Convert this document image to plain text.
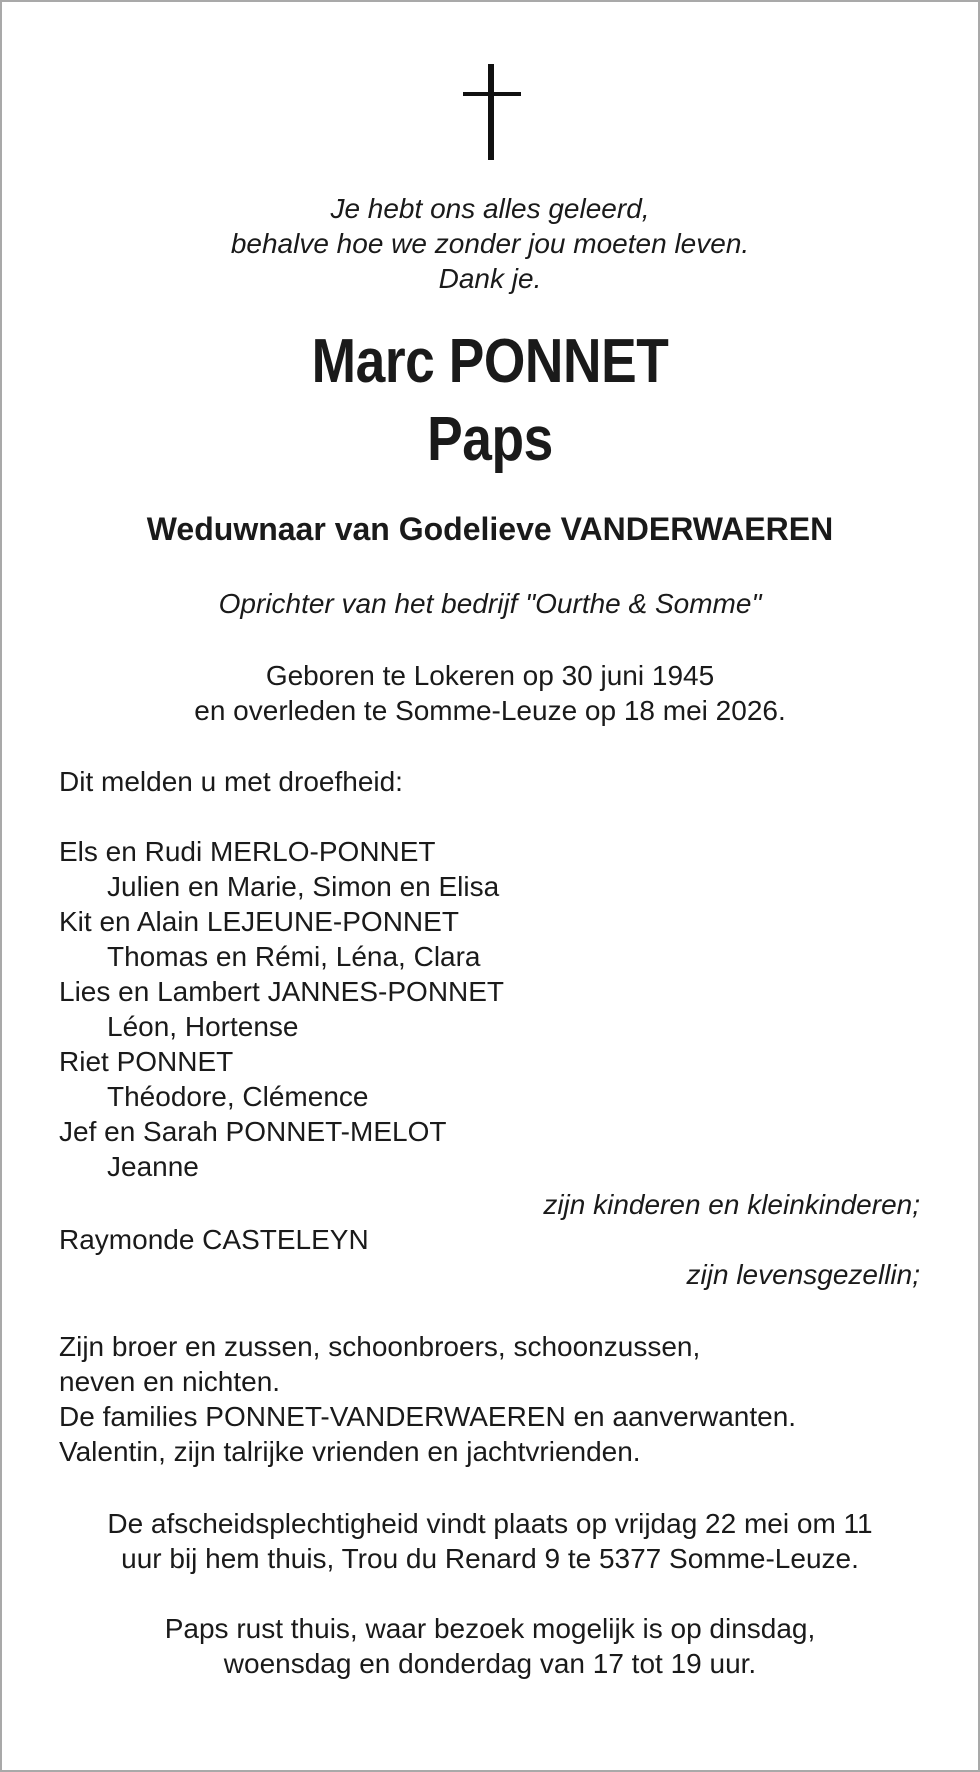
Je hebt ons alles geleerd,
behalve hoe we zonder jou moeten leven.
Dank je.
Marc PONNET
Paps
Weduwnaar van Godelieve VANDERWAEREN
Oprichter van het bedrijf "Ourthe & Somme"
Geboren te Lokeren op 30 juni 1945
en overleden te Somme-Leuze op 18 mei 2026.
Dit melden u met droefheid:
Els en Rudi MERLO-PONNET
Julien en Marie, Simon en Elisa
Kit en Alain LEJEUNE-PONNET
Thomas en Rémi, Léna, Clara
Lies en Lambert JANNES-PONNET
Léon, Hortense
Riet PONNET
Théodore, Clémence
Jef en Sarah PONNET-MELOT
Jeanne
zijn kinderen en kleinkinderen;
Raymonde CASTELEYN
zijn levensgezellin;
Zijn broer en zussen, schoonbroers, schoonzussen,
neven en nichten.
De families PONNET-VANDERWAEREN en aanverwanten.
Valentin, zijn talrijke vrienden en jachtvrienden.
De afscheidsplechtigheid vindt plaats op vrijdag 22 mei om 11
uur bij hem thuis, Trou du Renard 9 te 5377 Somme-Leuze.
Paps rust thuis, waar bezoek mogelijk is op dinsdag,
woensdag en donderdag van 17 tot 19 uur.
